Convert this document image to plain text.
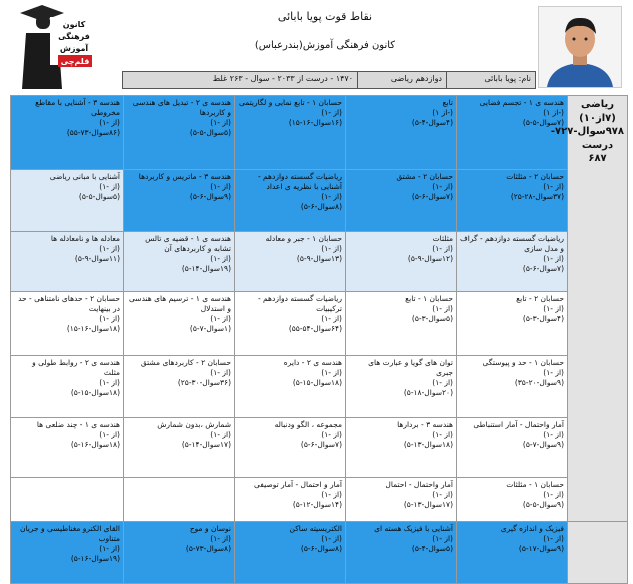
کانون
فرهنگی
آموزش
قلم‌چی
نقاط قوت پویا بابائی
کانون فرهنگی آموزش(بندرعباس)
نام: پویا بابائی
دوازدهم ریاضی
۱۴۷۰ - درست از ۲۰۳۳ - سوال - ۲۶۳ غلط
ریاضی (۷از۱۰) ۹۷۸سوال-۷۲۷-درست ۶۸۷	هندسه ی ۱ - تجسم فضایی
(-از ۱)
(۷سوال-۵-۵)	تابع
(-از ۱)
(۴سوال-۴-۵)	حسابان ۱ - تابع نمایی و لگاریتمی
(از -۱)
(۱۶سوال-۱۶-۱۵)	هندسه ی ۲ - تبدیل های هندسی و کاربردها
(از -۱)
(۵سوال-۵-۵)	هندسه ۳ - آشنایی با مقاطع مخروطی
(از -۱)
(۸۶سوال-۷۳-۵۵)

	حسابان ۲ - مثلثات
(از -۱)
(۳۷سوال-۲۸-۲۵)	حسابان ۲ - مشتق
(از -۱)
(۷سوال-۶-۵)	ریاضیات گسسته دوازدهم - آشنایی با نظریه ی اعداد
(از -۱)
(۸سوال-۶-۵)	هندسه ۳ - ماتریس و کاربردها
(از -۱)
(۹سوال-۶-۵)	آشنایی با مبانی ریاضی
(از -۱)
(۵سوال-۵-۵)

	ریاضیات گسسته دوازدهم - گراف و مدل سازی
(از -۱)
(۷سوال-۶-۵)	مثلثات
(از -۱)
(۱۲سوال-۹-۵)	حسابان ۱ - جبر و معادله
(از -۱)
(۱۳سوال-۹-۵)	هندسه ی ۱ - قضیه ی تالس تشابه و کاربردهای آن
(از -۱)
(۱۹سوال-۱۴-۵)	معادله ها و نامعادله ها
(از -۱)
(۱۱سوال-۹-۵)

	حسابان ۲ - تابع
(از -۱)
(۴سوال-۳-۵)	حسابان ۱ - تابع
(از -۱)
(۵سوال-۳-۵)	ریاضیات گسسته دوازدهم - ترکیبیات
(از -۱)
(۶۴سوال-۵۴-۵۵)	هندسه ی ۱ - ترسیم های هندسی و استدلال
(از -۱)
(۱سوال-۷-۵)	حسابان ۲ - حدهای نامتناهی - حد در بینهایت
(از -۱)
(۱۸سوال-۱۶-۱۵)

	حسابان ۱ - حد و پیوستگی
(از -۱)
(۹سوال-۲۰-۳۵)	توان های گویا و عبارت های جبری
(از -۱)
(۲۰سوال-۱۸-۵)	هندسه ی ۲ - دایره
(از -۱)
(۱۸سوال-۱۵-۵)	حسابان ۲ - کاربردهای مشتق
(از -۱)
(۳۶سوال-۳۰-۲۵)	هندسه ی ۲ - روابط طولی و مثلث
(از -۱)
(۱۸سوال-۱۵-۵)

	آمار واحتمال - آمار استنباطی
(از -۱)
(۹سوال-۷-۵)	هندسه ۳ - بردارها
(از -۱)
(۱۸سوال-۱۳-۵)	مجموعه ، الگو ودنباله
(از -۱)
(۷سوال-۶-۵)	شمارش ،بدون شمارش
(از -۱)
(۱۷سوال-۱۴-۵)	هندسه ی ۱ - چند ضلعی ها
(از -۱)
(۱۸سوال-۱۶-۵)

	حسابان ۱ - مثلثات
(از -۱)
(۹سوال-۵-۵)	آمار واحتمال - احتمال
(از -۱)
(۱۷سوال-۱۳-۵)	آمار و احتمال - آمار توصیفی
(از -۱)
(۱۴سوال-۱۲-۵)		

	فیزیک و اندازه گیری
(از -۱)
(۹سوال-۱۷-۵)	آشنایی با فیزیک هسته ای
(از -۱)
(۵سوال-۴-۵)	الکتریسیته ساکن
(از -۱)
(۸سوال-۶-۵)	نوسان و موج
(از -۱)
(۸سوال-۷۳-۵)	القای الکترو مغناطیسی و جریان متناوب
(از -۱)
(۱۹سوال-۱۶-۵)
